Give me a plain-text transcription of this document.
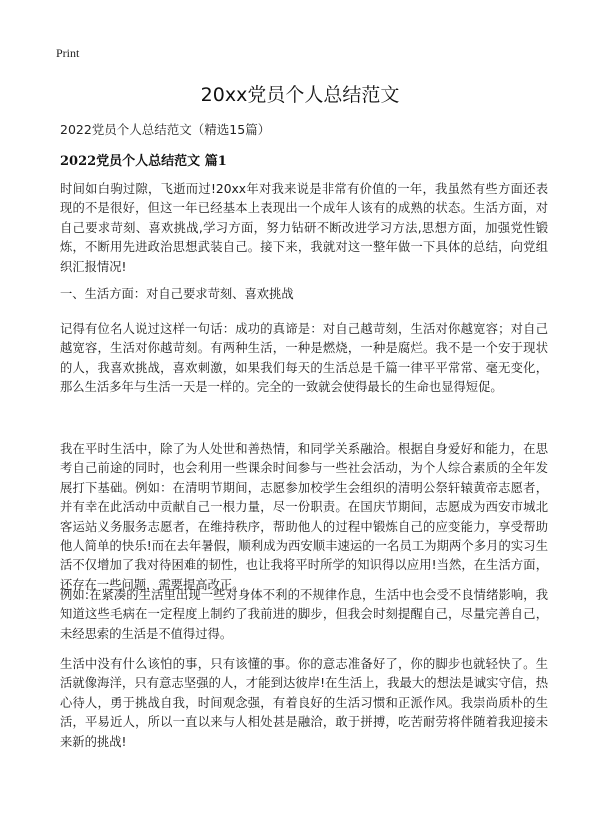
Print
20xx党员个人总结范文

2022党员个人总结范文（精选15篇）

2022党员个人总结范文 篇1

时间如白驹过隙，飞逝而过!20xx年对我来说是非常有价值的一年，我虽然有些方面还表现的不是很好，但这一年已经基本上表现出一个成年人该有的成熟的状态。生活方面，对自己要求苛刻、喜欢挑战,学习方面，努力钻研不断改进学习方法,思想方面，加强党性锻炼，不断用先进政治思想武装自己。接下来，我就对这一整年做一下具体的总结，向党组织汇报情况!

一、生活方面：对自己要求苛刻、喜欢挑战

记得有位名人说过这样一句话：成功的真谛是：对自己越苛刻，生活对你越宽容；对自己越宽容，生活对你越苛刻。有两种生活，一种是燃烧，一种是腐烂。我不是一个安于现状的人，我喜欢挑战，喜欢刺激，如果我们每天的生活总是千篇一律平平常常、毫无变化，那么生活多年与生活一天是一样的。完全的一致就会使得最长的生命也显得短促。

我在平时生活中，除了为人处世和善热情，和同学关系融洽。根据自身爱好和能力，在思考自己前途的同时，也会利用一些课余时间参与一些社会活动，为个人综合素质的全年发展打下基础。例如：在清明节期间，志愿参加校学生会组织的清明公祭轩辕黄帝志愿者，并有幸在此活动中贡献自己一根力量，尽一份职责。在国庆节期间，志愿成为西安市城北客运站义务服务志愿者，在维持秩序，帮助他人的过程中锻炼自己的应变能力，享受帮助他人简单的快乐!而在去年暑假，顺利成为西安顺丰速运的一名员工为期两个多月的实习生活不仅增加了我对待困难的韧性，也让我将平时所学的知识得以应用!当然，在生活方面，还存在一些问题，需要提高改正。

例如:在紧凑的生活里出现一些对身体不利的不规律作息，生活中也会受不良情绪影响，我知道这些毛病在一定程度上制约了我前进的脚步，但我会时刻提醒自己，尽量完善自己，未经思索的生活是不值得过得。

生活中没有什么该怕的事，只有该懂的事。你的意志准备好了，你的脚步也就轻快了。生活就像海洋，只有意志坚强的人，才能到达彼岸!在生活上，我最大的想法是诚实守信，热心待人，勇于挑战自我，时间观念强，有着良好的生活习惯和正派作风。我崇尚质朴的生活，平易近人，所以一直以来与人相处甚是融洽，敢于拼搏，吃苦耐劳将伴随着我迎接未来新的挑战!
